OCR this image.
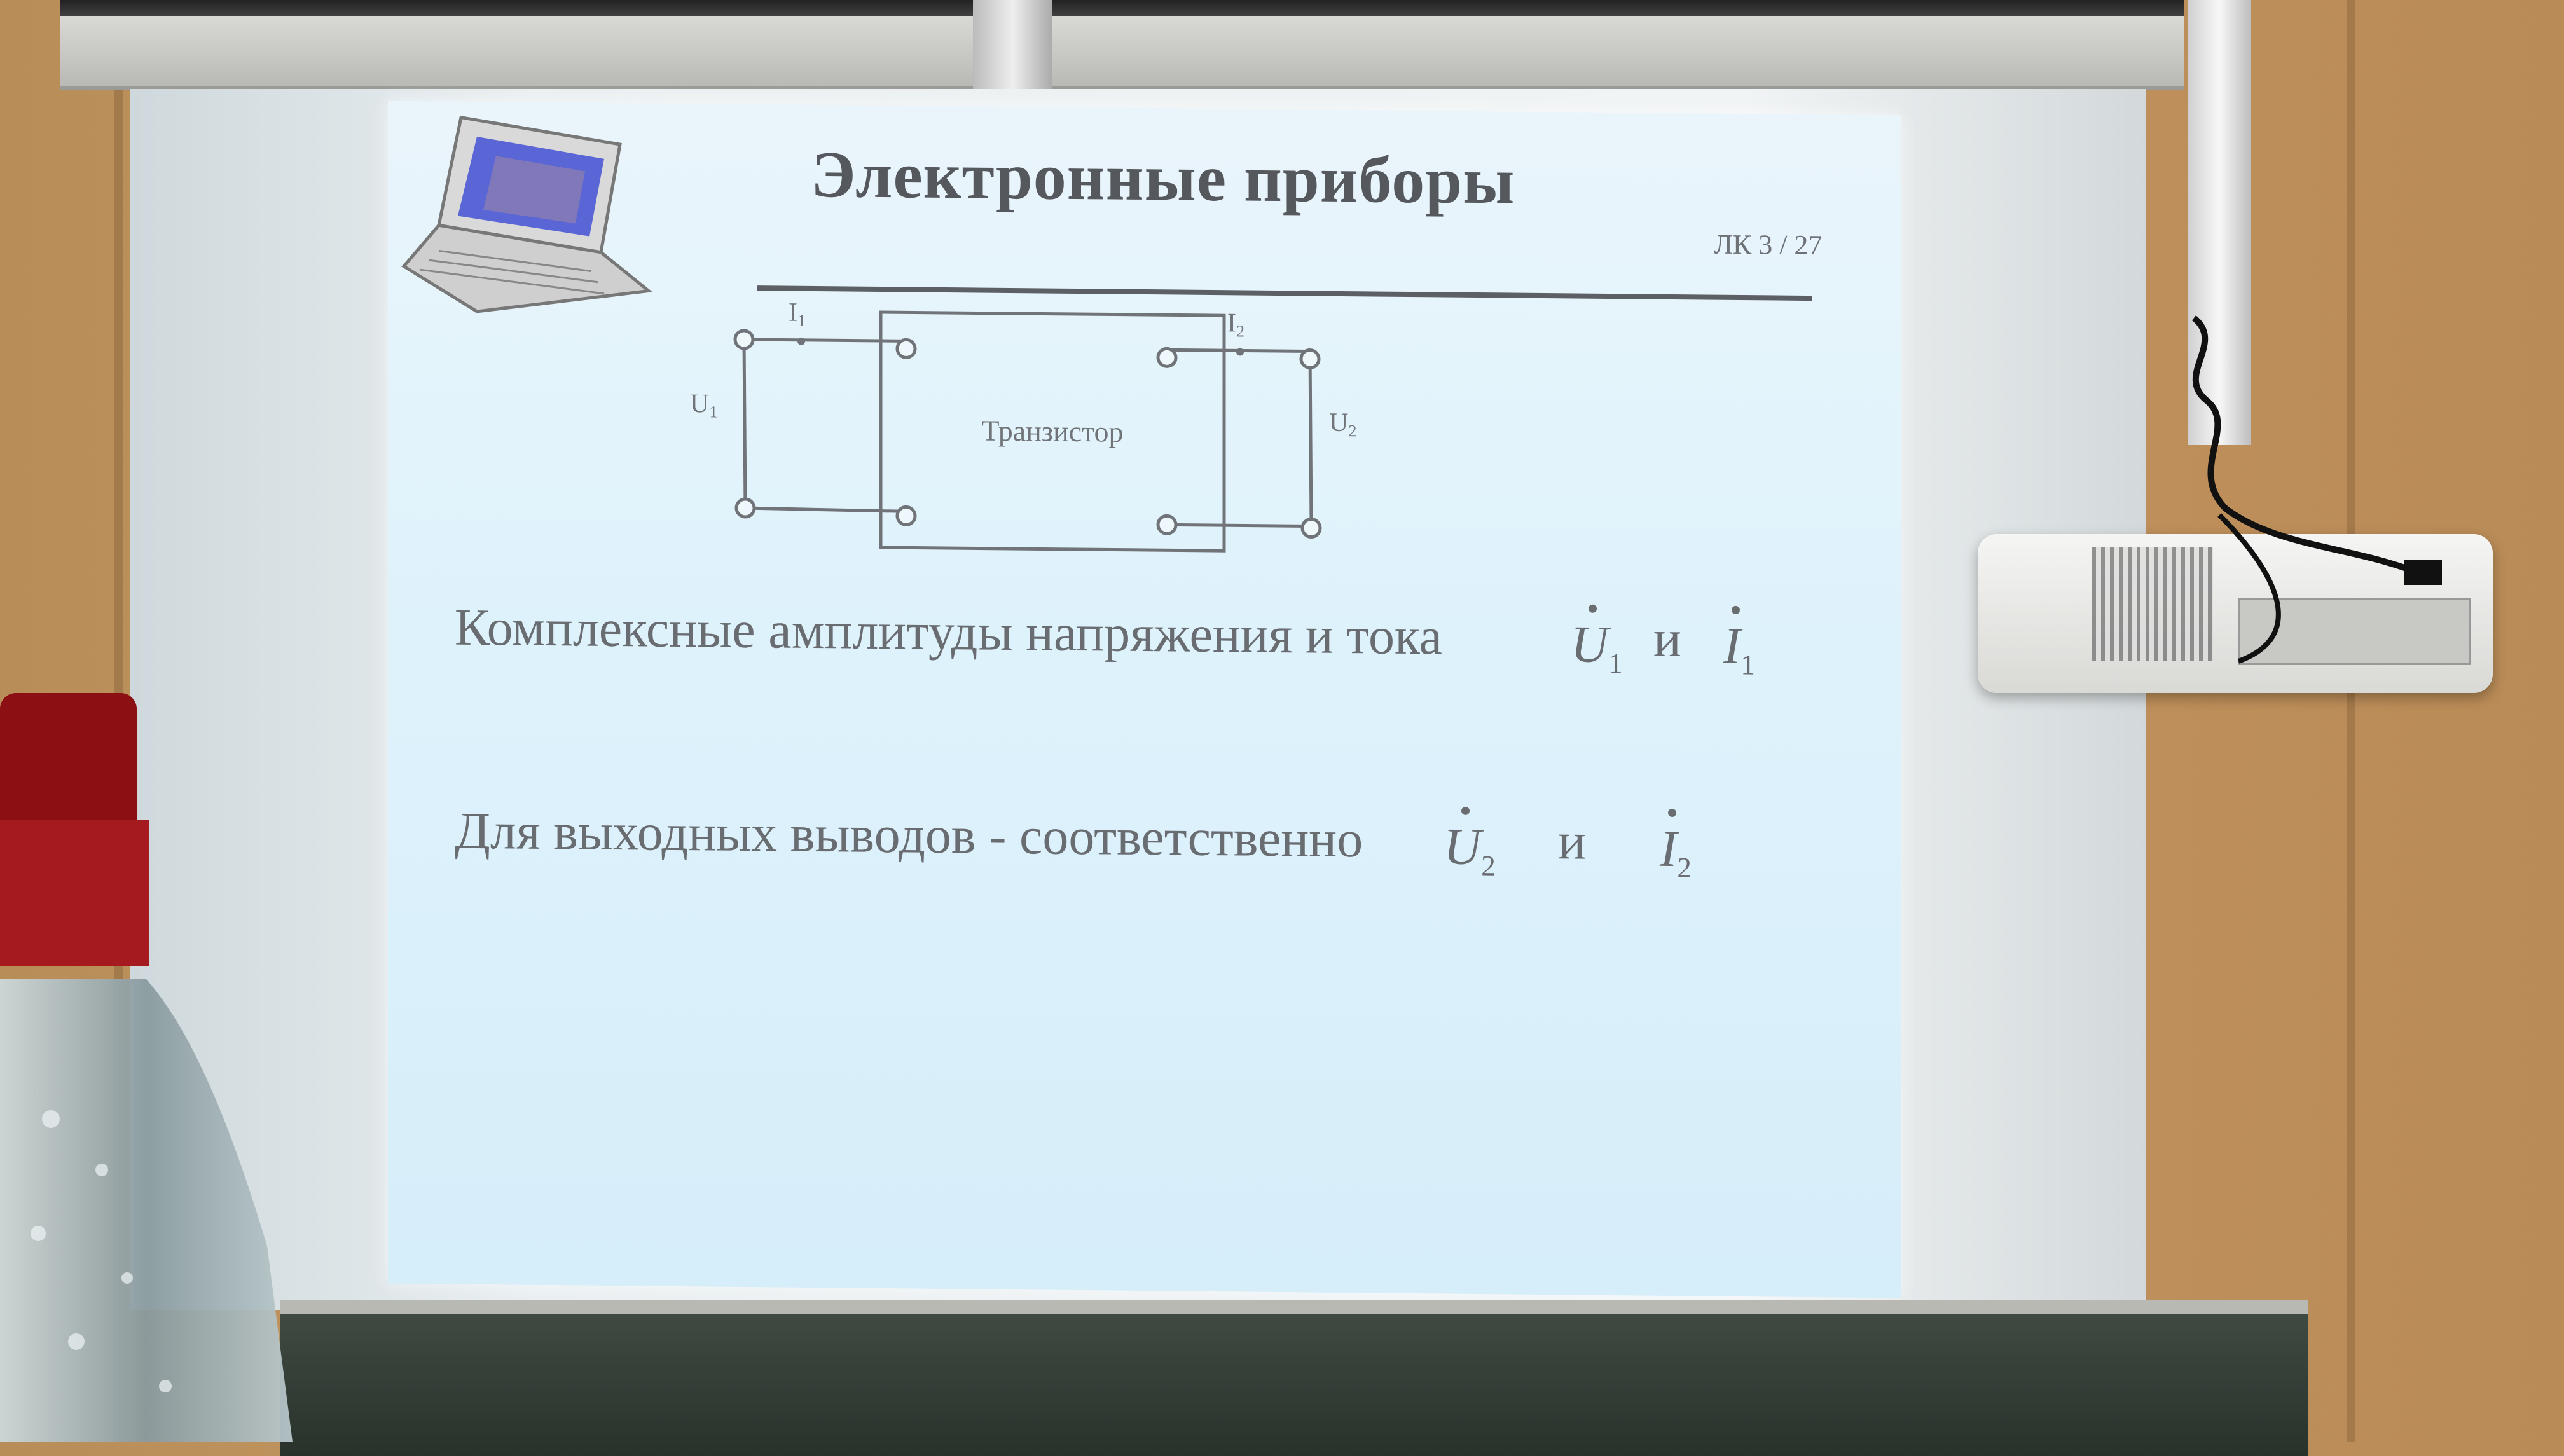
Электронные приборы
ЛК 3 / 27
Транзистор
I1	I2
U1	U2
Комплексные амплитуды напряжения и тока $U_1$ и $I_1$
Для выходных выводов - соответственно $U_2$ и $I_2$
